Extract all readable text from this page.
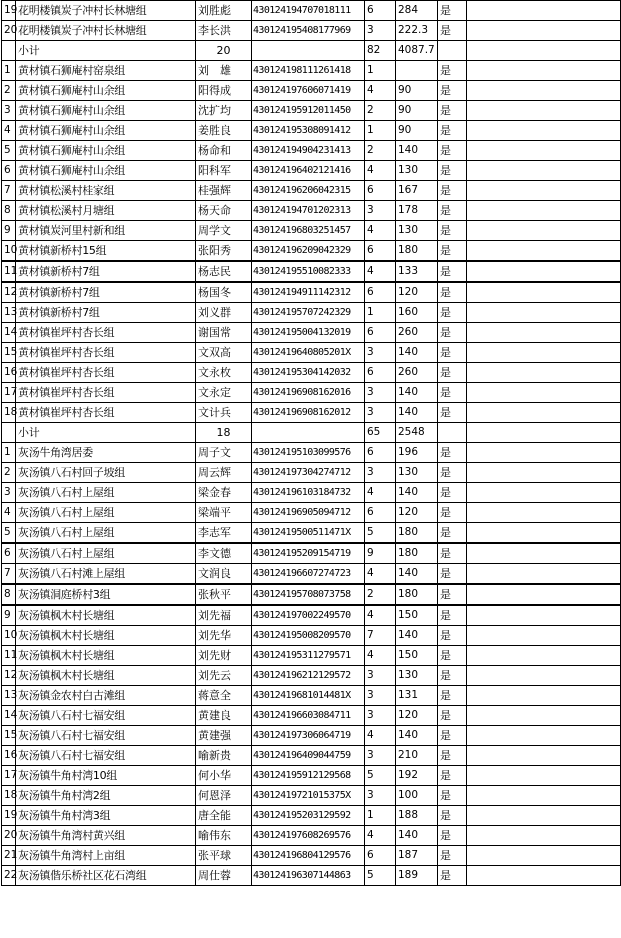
19	花明楼镇炭子冲村长林塘组	刘胜彪	430124194707018111	6	284	是	
20	花明楼镇炭子冲村长林塘组	李长洪	430124195408177969	3	222.3	是	
	小计	20		82	4087.7		
1	黄材镇石狮庵村窑泉组	刘　雄	430124198111261418	1		是	
2	黄材镇石狮庵村山余组	阳得成	430124197606071419	4	90	是	
3	黄材镇石狮庵村山余组	沈扩均	430124195912011450	2	90	是	
4	黄材镇石狮庵村山余组	姜胜良	430124195308091412	1	90	是	
5	黄材镇石狮庵村山余组	杨命和	430124194904231413	2	140	是	
6	黄材镇石狮庵村山余组	阳科军	430124196402121416	4	130	是	
7	黄材镇松溪村桂家组	桂强辉	430124196206042315	6	167	是	
8	黄材镇松溪村月塘组	杨天命	430124194701202313	3	178	是	
9	黄材镇炭河里村新和组	周学文	430124196803251457	4	130	是	
10	黄材镇新桥村15组	张阳秀	430124196209042329	6	180	是	
11	黄材镇新桥村7组	杨志民	430124195510082333	4	133	是	
12	黄材镇新桥村7组	杨国冬	430124194911142312	6	120	是	
13	黄材镇新桥村7组	刘义群	430124195707242329	1	160	是	
14	黄材镇崔坪村杏长组	谢国常	430124195004132019	6	260	是	
15	黄材镇崔坪村杏长组	文双高	43012419640805201X	3	140	是	
16	黄材镇崔坪村杏长组	文永枚	430124195304142032	6	260	是	
17	黄材镇崔坪村杏长组	文永定	430124196908162016	3	140	是	
18	黄材镇崔坪村杏长组	文计兵	430124196908162012	3	140	是	
	小计	18		65	2548		
1	灰汤牛角湾居委	周子文	430124195103099576	6	196	是	
2	灰汤镇八石村回子坡组	周云辉	430124197304274712	3	130	是	
3	灰汤镇八石村上屋组	梁金春	430124196103184732	4	140	是	
4	灰汤镇八石村上屋组	梁端平	430124196905094712	6	120	是	
5	灰汤镇八石村上屋组	李志军	43012419500511471X	5	180	是	
6	灰汤镇八石村上屋组	李文德	430124195209154719	9	180	是	
7	灰汤镇八石村滩上屋组	文润良	430124196607274723	4	140	是	
8	灰汤镇洞庭桥村3组	张秋平	430124195708073758	2	180	是	
9	灰汤镇枫木村长塘组	刘先福	430124197002249570	4	150	是	
10	灰汤镇枫木村长塘组	刘先华	430124195008209570	7	140	是	
11	灰汤镇枫木村长塘组	刘先财	430124195311279571	4	150	是	
12	灰汤镇枫木村长塘组	刘先云	430124196212129572	3	130	是	
13	灰汤镇金农村白古滩组	蒋意全	43012419681014481X	3	131	是	
14	灰汤镇八石村七福安组	黄建良	430124196603084711	3	120	是	
15	灰汤镇八石村七福安组	黄建强	430124197306064719	4	140	是	
16	灰汤镇八石村七福安组	喻新贵	430124196409044759	3	210	是	
17	灰汤镇牛角村湾10组	何小华	430124195912129568	5	192	是	
18	灰汤镇牛角村湾2组	何恩泽	43012419721015375X	3	100	是	
19	灰汤镇牛角村湾3组	唐全能	430124195203129592	1	188	是	
20	灰汤镇牛角湾村黄兴组	喻伟东	430124197608269576	4	140	是	
21	灰汤镇牛角湾村上亩组	张平球	430124196804129576	6	187	是	
22	灰汤镇偕乐桥社区花石湾组	周仕蓉	430124196307144863	5	189	是	
